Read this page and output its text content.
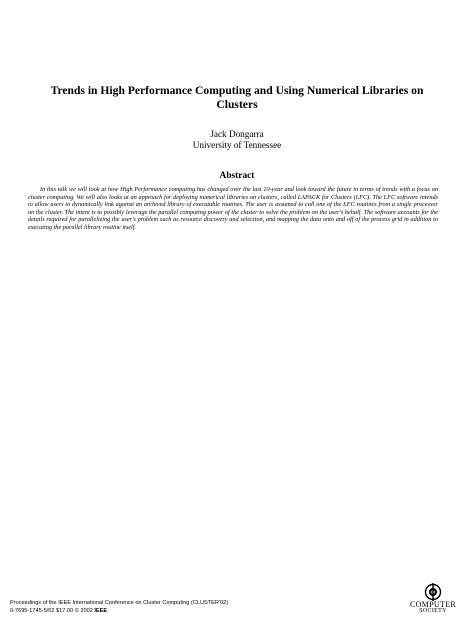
Trends in High Performance Computing and Using Numerical Libraries on Clusters
Jack Dongarra
University of Tennessee
Abstract
In this talk we will look at how High Performance computing has changed over the last 10-year and look toward the future in terms of trends with a focus on cluster computing. We will also looks at an approach for deploying numerical libraries on clusters, called LAPACK for Clusters (LFC). The LFC software intends to allow users to dynamically link against an archived library of executable routines. The user is assumed to call one of the LFC routines from a single processor on the cluster. The intent is to possibly leverage the parallel computing power of the cluster to solve the problem on the user's behalf. The software accounts for the details required for parallelizing the user's problem such as resource discovery and selection, and mapping the data onto and off of the process grid in addition to executing the parallel library routine itself.
Proceedings of the IEEE International Conference on Cluster Computing (CLUSTER'02)
0-7695-1745-5/02 $17.00 © 2002 IEEE
COMPUTER
SOCIETY
